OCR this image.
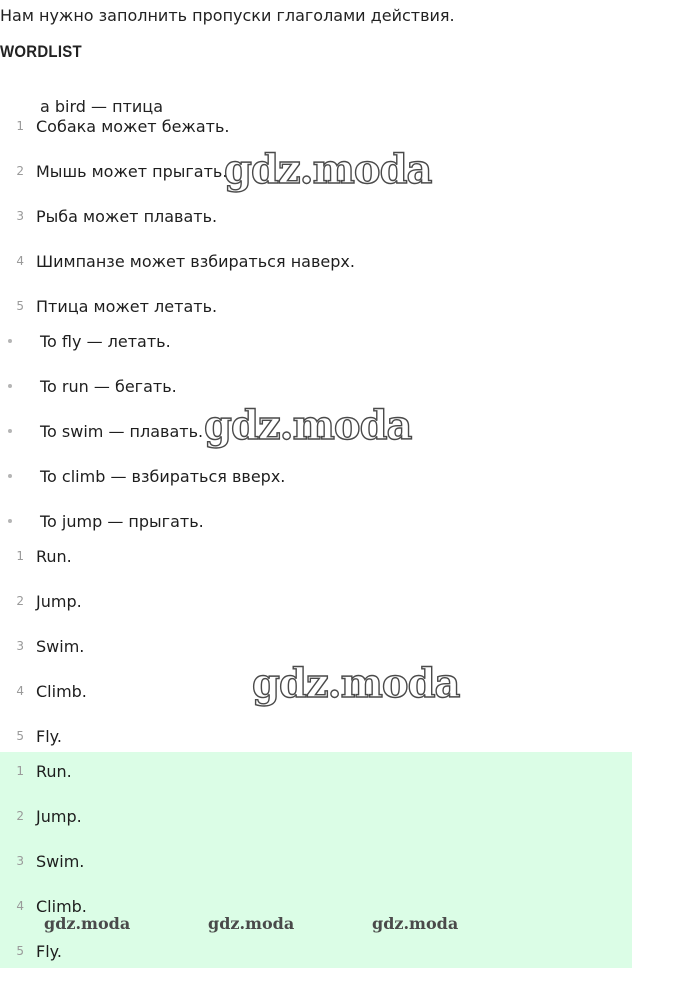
Нам нужно заполнить пропуски глаголами действия.
WORDLIST
a bird — птица
1 Собака может бежать.
2 Мышь может прыгать.
3 Рыба может плавать.
4 Шимпанзе может взбираться наверх.
5 Птица может летать.
To fly — летать.
To run — бегать.
To swim — плавать.
To climb — взбираться вверх.
To jump — прыгать.
1 Run.
2 Jump.
3 Swim.
4 Climb.
5 Fly.
1 Run.
2 Jump.
3 Swim.
4 Climb.
5 Fly.
gdz.moda
gdz.moda
gdz.moda
gdz.moda	gdz.moda	gdz.moda
